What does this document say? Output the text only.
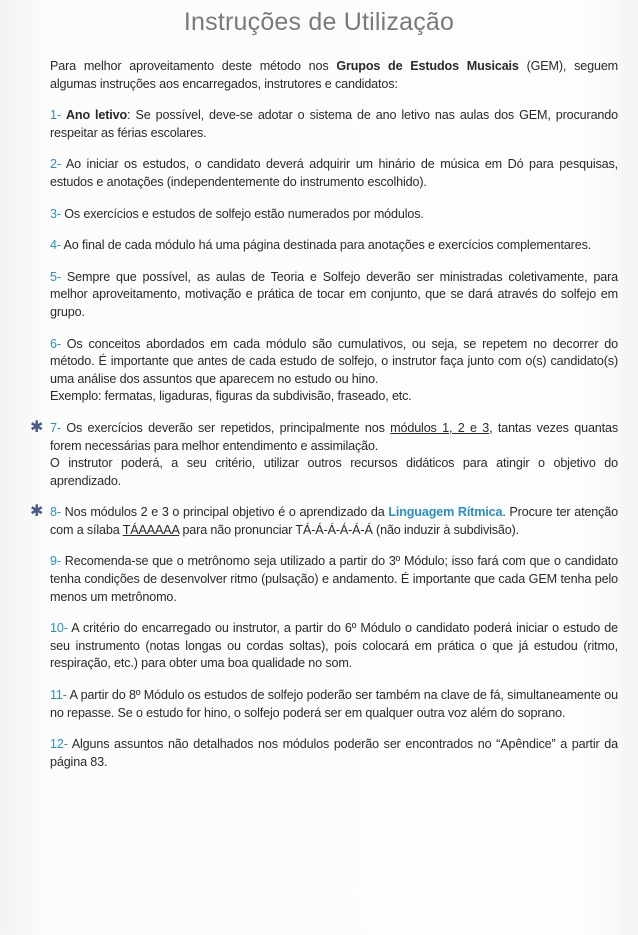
Instruções de Utilização

Para melhor aproveitamento deste método nos Grupos de Estudos Musicais (GEM), seguem algumas instruções aos encarregados, instrutores e candidatos:

1- Ano letivo: Se possível, deve-se adotar o sistema de ano letivo nas aulas dos GEM, procurando respeitar as férias escolares.

2- Ao iniciar os estudos, o candidato deverá adquirir um hinário de música em Dó para pesquisas, estudos e anotações (independentemente do instrumento escolhido).

3- Os exercícios e estudos de solfejo estão numerados por módulos.

4- Ao final de cada módulo há uma página destinada para anotações e exercícios complementares.

5- Sempre que possível, as aulas de Teoria e Solfejo deverão ser ministradas coletivamente, para melhor aproveitamento, motivação e prática de tocar em conjunto, que se dará através do solfejo em grupo.

6- Os conceitos abordados em cada módulo são cumulativos, ou seja, se repetem no decorrer do método. É importante que antes de cada estudo de solfejo, o instrutor faça junto com o(s) candidato(s) uma análise dos assuntos que aparecem no estudo ou hino.

Exemplo: fermatas, ligaduras, figuras da subdivisão, fraseado, etc.

✱ 7- Os exercícios deverão ser repetidos, principalmente nos módulos 1, 2 e 3, tantas vezes quantas forem necessárias para melhor entendimento e assimilação.

O instrutor poderá, a seu critério, utilizar outros recursos didáticos para atingir o objetivo do aprendizado.

✱ 8- Nos módulos 2 e 3 o principal objetivo é o aprendizado da Linguagem Rítmica. Procure ter atenção com a sílaba TÁAAAAA para não pronunciar TÁ-Á-Á-Á-Á-Á (não induzir à subdivisão).

9- Recomenda-se que o metrônomo seja utilizado a partir do 3º Módulo; isso fará com que o candidato tenha condições de desenvolver ritmo (pulsação) e andamento. É importante que cada GEM tenha pelo menos um metrônomo.

10- A critério do encarregado ou instrutor, a partir do 6º Módulo o candidato poderá iniciar o estudo de seu instrumento (notas longas ou cordas soltas), pois colocará em prática o que já estudou (ritmo, respiração, etc.) para obter uma boa qualidade no som.

11- A partir do 8º Módulo os estudos de solfejo poderão ser também na clave de fá, simultaneamente ou no repasse. Se o estudo for hino, o solfejo poderá ser em qualquer outra voz além do soprano.

12- Alguns assuntos não detalhados nos módulos poderão ser encontrados no “Apêndice” a partir da página 83.
